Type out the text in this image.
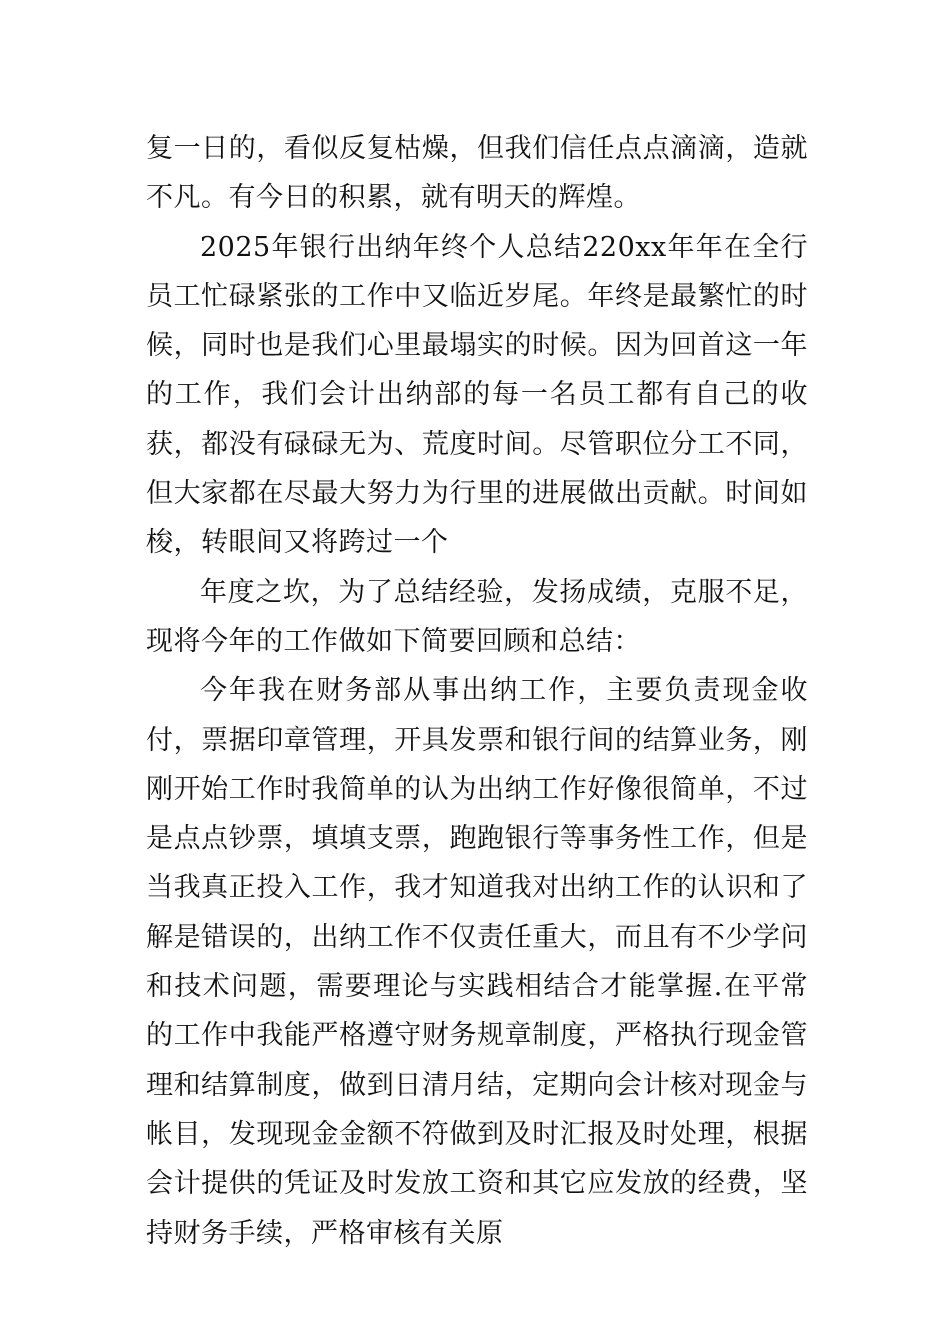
复一日的，看似反复枯燥，但我们信任点点滴滴，造就不凡。有今日的积累，就有明天的辉煌。

2025年银行出纳年终个人总结220xx年年在全行员工忙碌紧张的工作中又临近岁尾。年终是最繁忙的时候，同时也是我们心里最塌实的时候。因为回首这一年的工作，我们会计出纳部的每一名员工都有自己的收获，都没有碌碌无为、荒度时间。尽管职位分工不同，但大家都在尽最大努力为行里的进展做出贡献。时间如梭，转眼间又将跨过一个

年度之坎，为了总结经验，发扬成绩，克服不足，现将今年的工作做如下简要回顾和总结：

今年我在财务部从事出纳工作，主要负责现金收付，票据印章管理，开具发票和银行间的结算业务，刚刚开始工作时我简单的认为出纳工作好像很简单，不过是点点钞票，填填支票，跑跑银行等事务性工作，但是当我真正投入工作，我才知道我对出纳工作的认识和了解是错误的，出纳工作不仅责任重大，而且有不少学问和技术问题，需要理论与实践相结合才能掌握.在平常的工作中我能严格遵守财务规章制度，严格执行现金管理和结算制度，做到日清月结，定期向会计核对现金与帐目，发现现金金额不符做到及时汇报及时处理，根据会计提供的凭证及时发放工资和其它应发放的经费，坚持财务手续，严格审核有关原
